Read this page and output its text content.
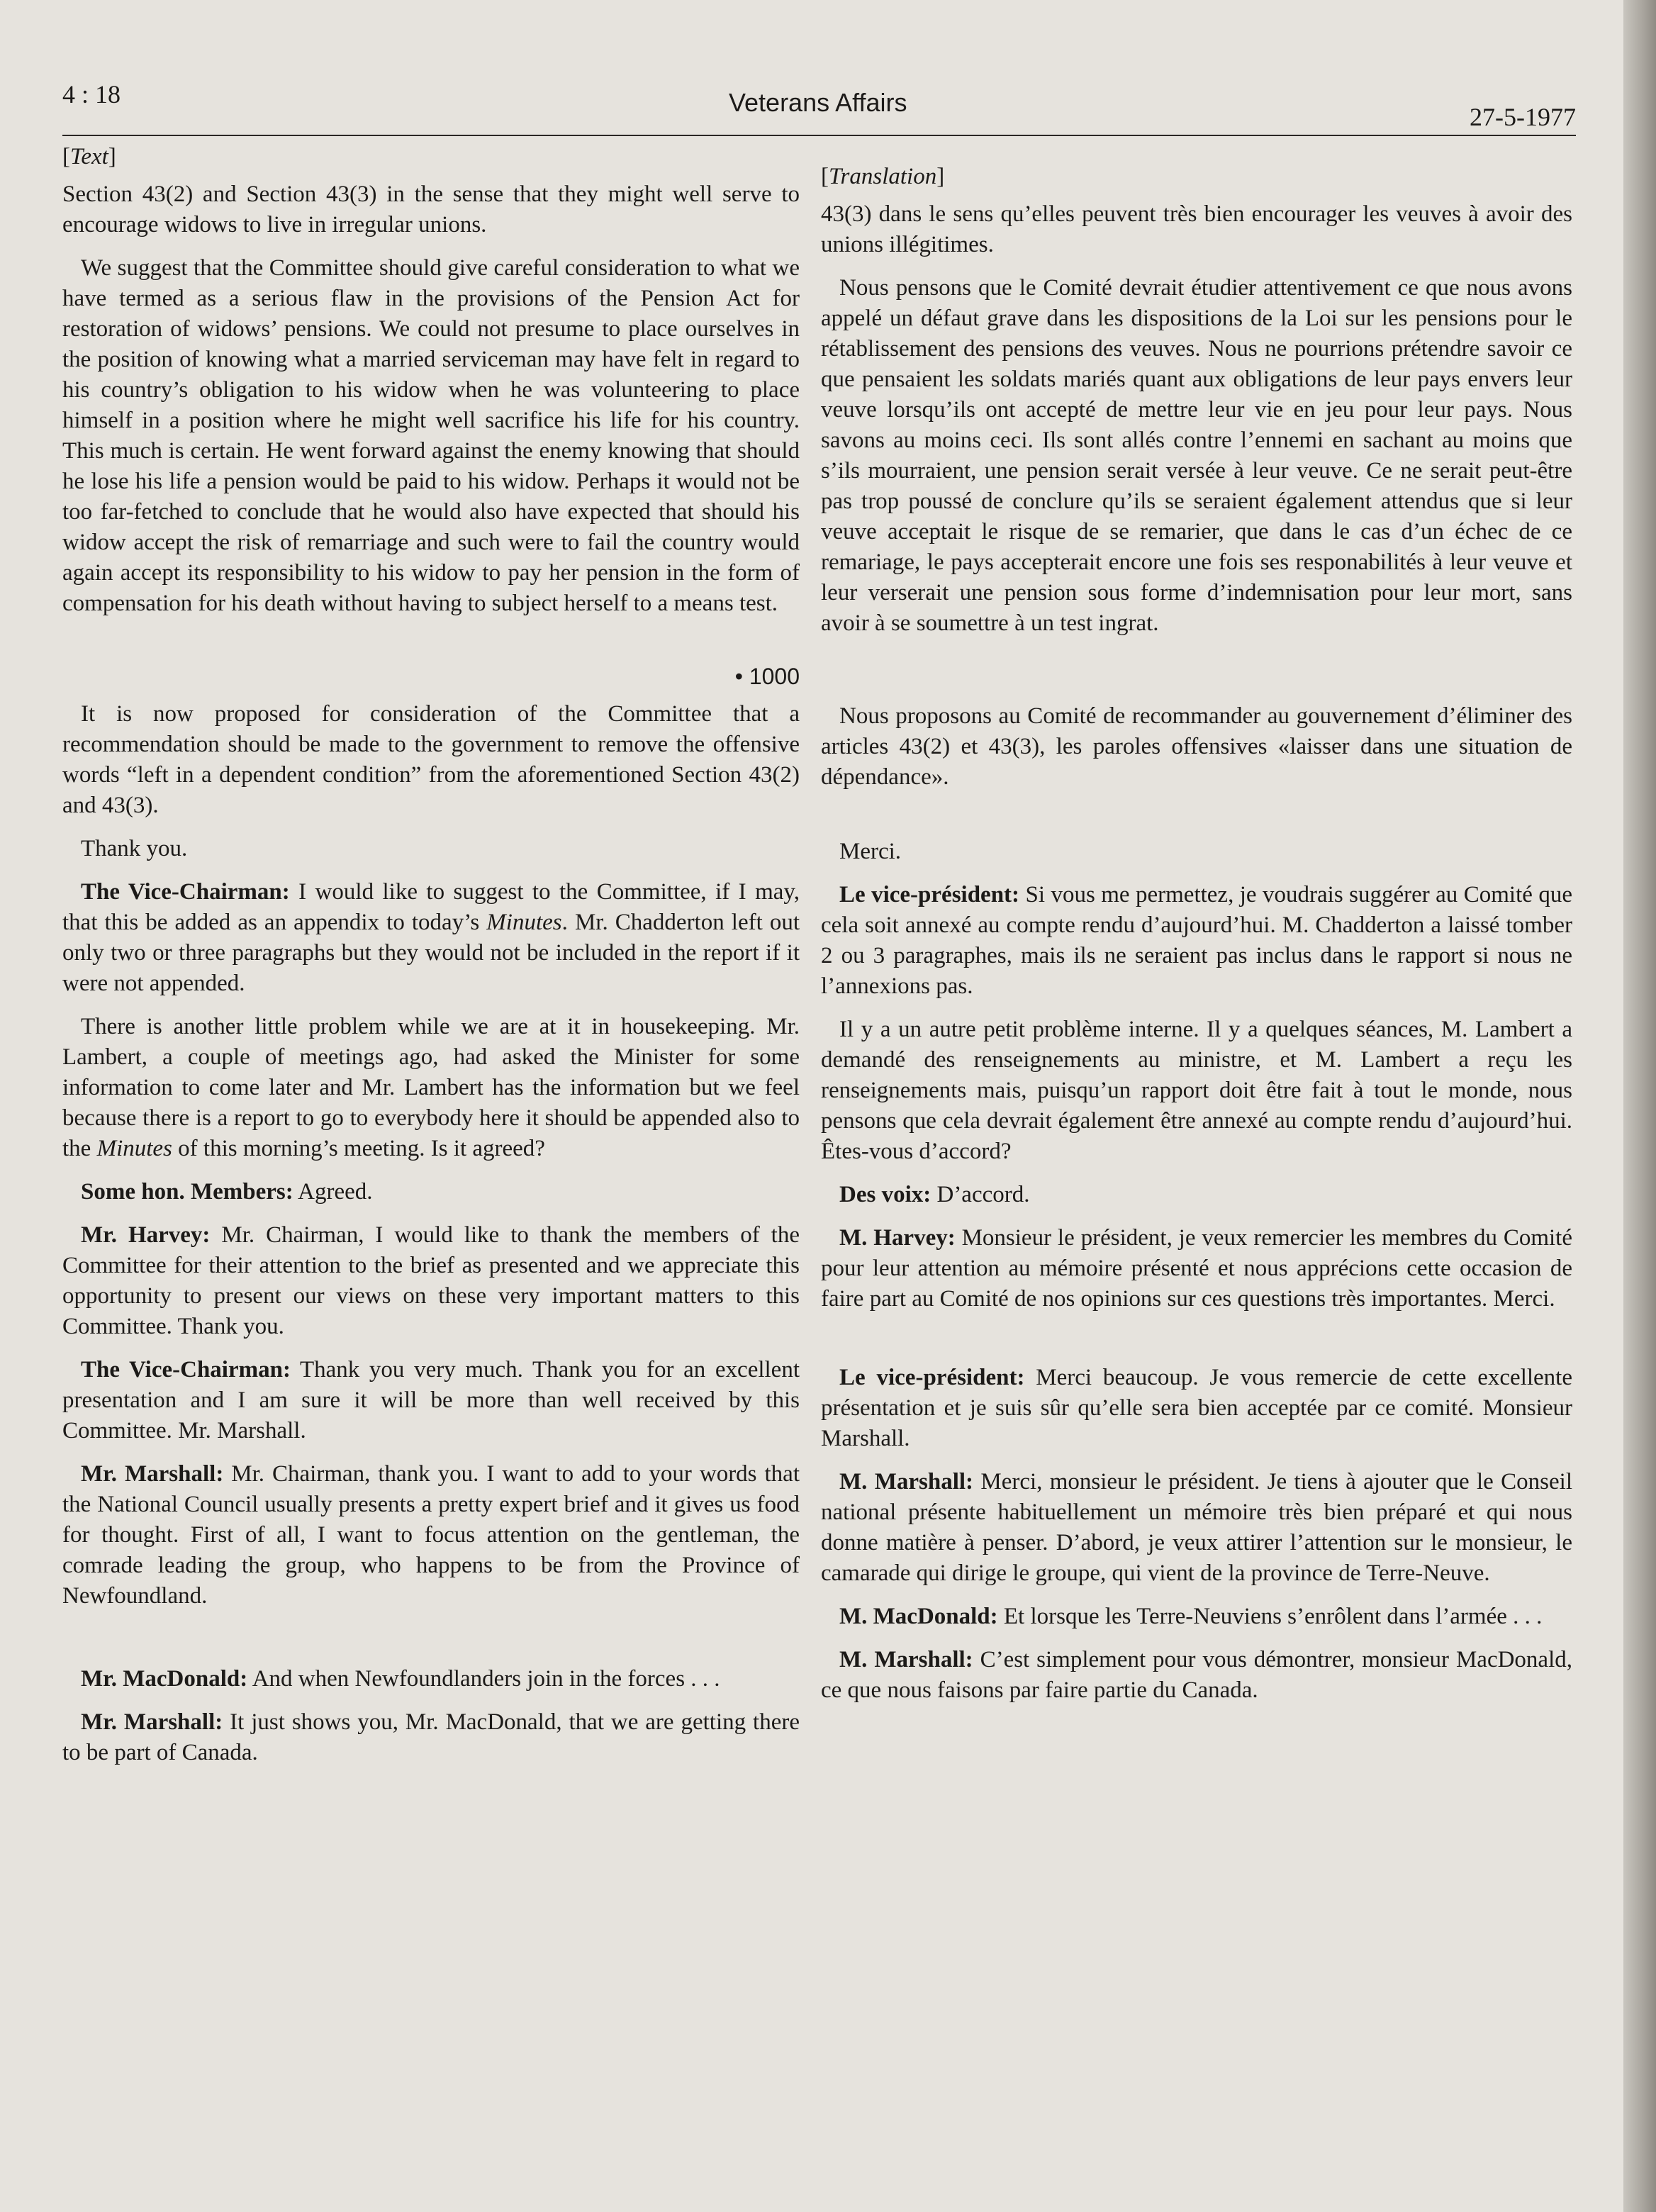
4 : 18	Veterans Affairs	27-5-1977
[Text]

Section 43(2) and Section 43(3) in the sense that they might well serve to encourage widows to live in irregular unions.

We suggest that the Committee should give careful consideration to what we have termed as a serious flaw in the provisions of the Pension Act for restoration of widows’ pensions. We could not presume to place ourselves in the position of knowing what a married serviceman may have felt in regard to his country’s obligation to his widow when he was volunteering to place himself in a position where he might well sacrifice his life for his country. This much is certain. He went forward against the enemy knowing that should he lose his life a pension would be paid to his widow. Perhaps it would not be too far-fetched to conclude that he would also have expected that should his widow accept the risk of remarriage and such were to fail the country would again accept its responsibility to his widow to pay her pension in the form of compensation for his death without having to subject herself to a means test.

• 1000

It is now proposed for consideration of the Committee that a recommendation should be made to the government to remove the offensive words “left in a dependent condition” from the aforementioned Section 43(2) and 43(3).

Thank you.

The Vice-Chairman: I would like to suggest to the Committee, if I may, that this be added as an appendix to today’s Minutes. Mr. Chadderton left out only two or three paragraphs but they would not be included in the report if it were not appended.

There is another little problem while we are at it in housekeeping. Mr. Lambert, a couple of meetings ago, had asked the Minister for some information to come later and Mr. Lambert has the information but we feel because there is a report to go to everybody here it should be appended also to the Minutes of this morning’s meeting. Is it agreed?

Some hon. Members: Agreed.

Mr. Harvey: Mr. Chairman, I would like to thank the members of the Committee for their attention to the brief as presented and we appreciate this opportunity to present our views on these very important matters to this Committee. Thank you.

The Vice-Chairman: Thank you very much. Thank you for an excellent presentation and I am sure it will be more than well received by this Committee. Mr. Marshall.

Mr. Marshall: Mr. Chairman, thank you. I want to add to your words that the National Council usually presents a pretty expert brief and it gives us food for thought. First of all, I want to focus attention on the gentleman, the comrade leading the group, who happens to be from the Province of Newfoundland.

Mr. MacDonald: And when Newfoundlanders join in the forces . . .

Mr. Marshall: It just shows you, Mr. MacDonald, that we are getting there to be part of Canada.

[Translation]

43(3) dans le sens qu’elles peuvent très bien encourager les veuves à avoir des unions illégitimes.

Nous pensons que le Comité devrait étudier attentivement ce que nous avons appelé un défaut grave dans les dispositions de la Loi sur les pensions pour le rétablissement des pensions des veuves. Nous ne pourrions prétendre savoir ce que pensaient les soldats mariés quant aux obligations de leur pays envers leur veuve lorsqu’ils ont accepté de mettre leur vie en jeu pour leur pays. Nous savons au moins ceci. Ils sont allés contre l’ennemi en sachant au moins que s’ils mourraient, une pension serait versée à leur veuve. Ce ne serait peut-être pas trop poussé de conclure qu’ils se seraient également attendus que si leur veuve acceptait le risque de se remarier, que dans le cas d’un échec de ce remariage, le pays accepterait encore une fois ses responabilités à leur veuve et leur verserait une pension sous forme d’indemnisation pour leur mort, sans avoir à se soumettre à un test ingrat.

Nous proposons au Comité de recommander au gouvernement d’éliminer des articles 43(2) et 43(3), les paroles offensives «laisser dans une situation de dépendance».

Merci.

Le vice-président: Si vous me permettez, je voudrais suggérer au Comité que cela soit annexé au compte rendu d’aujourd’hui. M. Chadderton a laissé tomber 2 ou 3 paragraphes, mais ils ne seraient pas inclus dans le rapport si nous ne l’annexions pas.

Il y a un autre petit problème interne. Il y a quelques séances, M. Lambert a demandé des renseignements au ministre, et M. Lambert a reçu les renseignements mais, puisqu’un rapport doit être fait à tout le monde, nous pensons que cela devrait également être annexé au compte rendu d’aujourd’hui. Êtes-vous d’accord?

Des voix: D’accord.

M. Harvey: Monsieur le président, je veux remercier les membres du Comité pour leur attention au mémoire présenté et nous apprécions cette occasion de faire part au Comité de nos opinions sur ces questions très importantes. Merci.

Le vice-président: Merci beaucoup. Je vous remercie de cette excellente présentation et je suis sûr qu’elle sera bien acceptée par ce comité. Monsieur Marshall.

M. Marshall: Merci, monsieur le président. Je tiens à ajouter que le Conseil national présente habituellement un mémoire très bien préparé et qui nous donne matière à penser. D’abord, je veux attirer l’attention sur le monsieur, le camarade qui dirige le groupe, qui vient de la province de Terre-Neuve.

M. MacDonald: Et lorsque les Terre-Neuviens s’enrôlent dans l’armée . . .

M. Marshall: C’est simplement pour vous démontrer, monsieur MacDonald, ce que nous faisons par faire partie du Canada.
